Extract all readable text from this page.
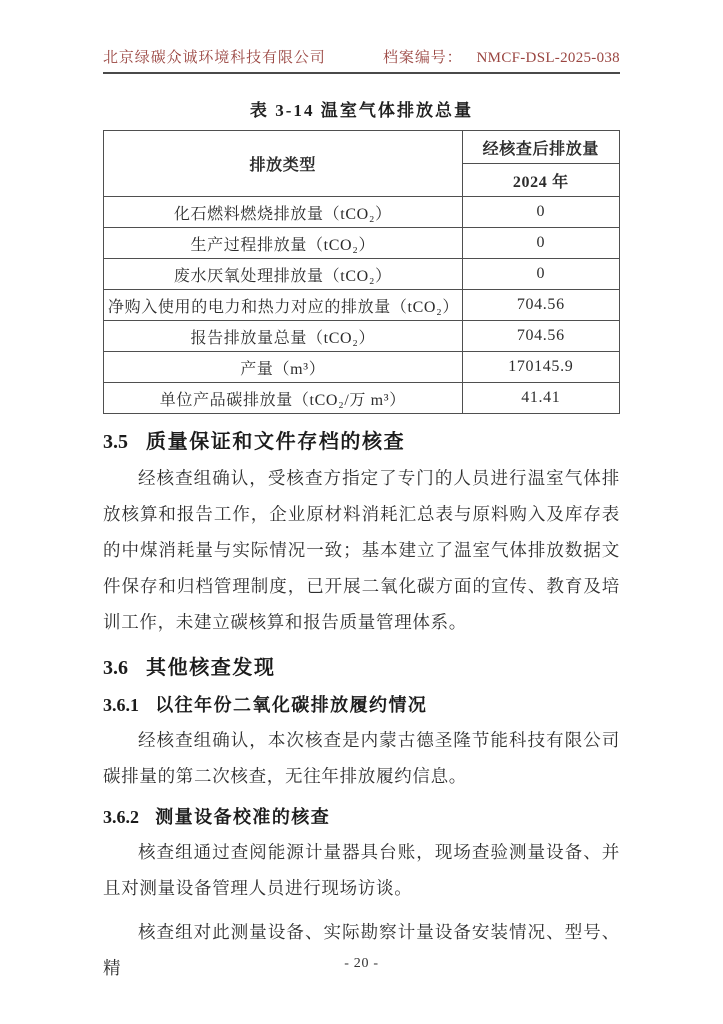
北京绿碳众诚环境科技有限公司	档案编号： NMCF-DSL-2025-038
表 3-14 温室气体排放总量
排放类型	经核查后排放量
	2024 年
化石燃料燃烧排放量（tCO₂）	0
生产过程排放量（tCO₂）	0
废水厌氧处理排放量（tCO₂）	0
净购入使用的电力和热力对应的排放量（tCO₂）	704.56
报告排放量总量（tCO₂）	704.56
产量（m³）	170145.9
单位产品碳排放量（tCO₂/万 m³）	41.41
3.5 质量保证和文件存档的核查

经核查组确认，受核查方指定了专门的人员进行温室气体排放核算和报告工作，企业原材料消耗汇总表与原料购入及库存表的中煤消耗量与实际情况一致；基本建立了温室气体排放数据文件保存和归档管理制度，已开展二氧化碳方面的宣传、教育及培训工作，未建立碳核算和报告质量管理体系。

3.6 其他核查发现
3.6.1 以往年份二氧化碳排放履约情况

经核查组确认，本次核查是内蒙古德圣隆节能科技有限公司碳排量的第二次核查，无往年排放履约信息。

3.6.2 测量设备校准的核查

核查组通过查阅能源计量器具台账，现场查验测量设备、并且对测量设备管理人员进行现场访谈。

核查组对此测量设备、实际勘察计量设备安装情况、型号、精	- 20 -
